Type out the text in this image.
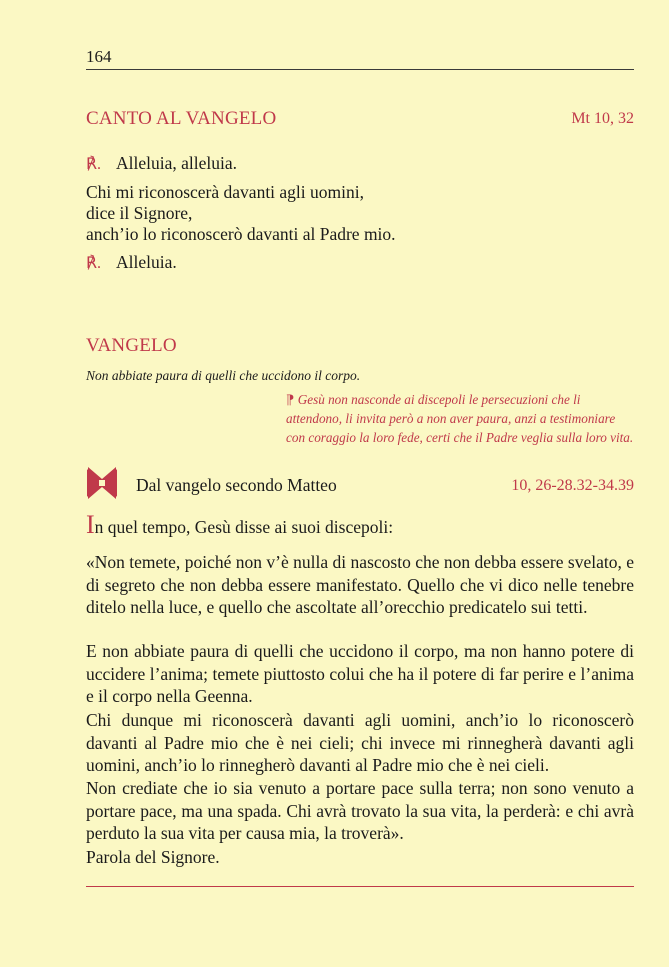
164
CANTO AL VANGELO	Mt 10, 32
℟. Alleluia, alleluia.
Chi mi riconoscerà davanti agli uomini,
dice il Signore,
anch’io lo riconoscerò davanti al Padre mio.
℟. Alleluia.
VANGELO
Non abbiate paura di quelli che uccidono il corpo.
⁋ Gesù non nasconde ai discepoli le persecuzioni che li attendono, li invita però a non aver paura, anzi a testimoniare con coraggio la loro fede, certi che il Padre veglia sulla loro vita.
Dal vangelo secondo Matteo	10, 26-28.32-34.39
In quel tempo, Gesù disse ai suoi discepoli:
«Non temete, poiché non v’è nulla di nascosto che non debba essere svelato, e di segreto che non debba essere manifestato. Quello che vi dico nelle tenebre ditelo nella luce, e quello che ascoltate all’orecchio predicatelo sui tetti.
E non abbiate paura di quelli che uccidono il corpo, ma non hanno potere di uccidere l’anima; temete piuttosto colui che ha il potere di far perire e l’anima e il corpo nella Geenna.
Chi dunque mi riconoscerà davanti agli uomini, anch’io lo riconoscerò davanti al Padre mio che è nei cieli; chi invece mi rinnegherà davanti agli uomini, anch’io lo rinnegherò davanti al Padre mio che è nei cieli.
Non crediate che io sia venuto a portare pace sulla terra; non sono venuto a portare pace, ma una spada. Chi avrà trovato la sua vita, la perderà: e chi avrà perduto la sua vita per causa mia, la troverà».
Parola del Signore.
